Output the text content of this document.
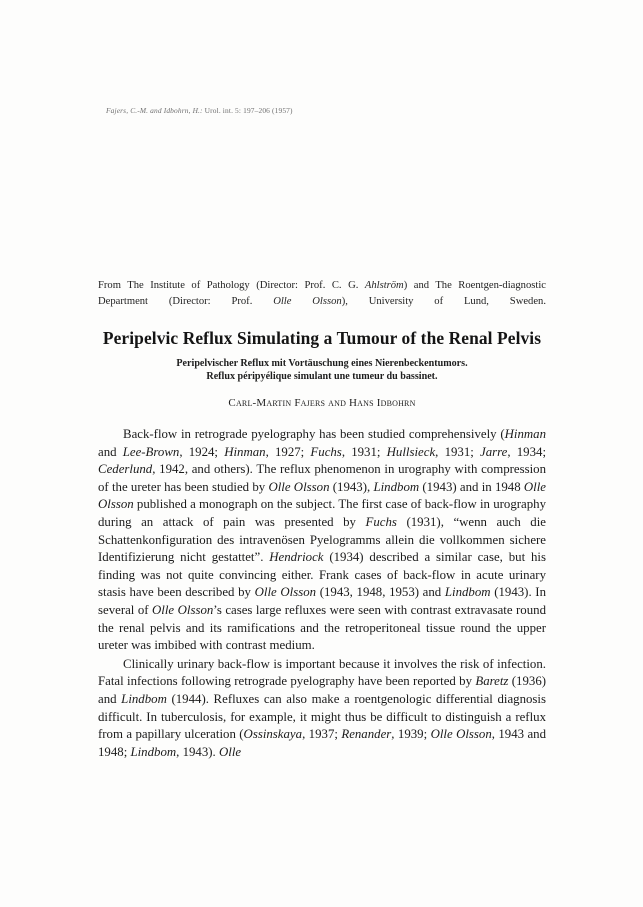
Fajers, C.-M. and Idbohrn, H.: Urol. int. 5: 197–206 (1957)
From The Institute of Pathology (Director: Prof. C. G. Ahlström) and The Roentgen-diagnostic Department (Director: Prof. Olle Olsson), University of Lund, Sweden.
Peripelvic Reflux Simulating a Tumour of the Renal Pelvis
Peripelvischer Reflux mit Vortäuschung eines Nierenbeckentumors.
Reflux péripyélique simulant une tumeur du bassinet.
Carl-Martin Fajers and Hans Idbohrn

Back-flow in retrograde pyelography has been studied comprehensively (Hinman and Lee-Brown, 1924; Hinman, 1927; Fuchs, 1931; Hullsieck, 1931; Jarre, 1934; Cederlund, 1942, and others). The reflux phenomenon in urography with compression of the ureter has been studied by Olle Olsson (1943), Lindbom (1943) and in 1948 Olle Olsson published a monograph on the subject. The first case of back-flow in urography during an attack of pain was presented by Fuchs (1931), “wenn auch die Schattenkonfiguration des intravenösen Pyelogramms allein die vollkommen sichere Identifizierung nicht gestattet”. Hendriock (1934) described a similar case, but his finding was not quite convincing either. Frank cases of back-flow in acute urinary stasis have been described by Olle Olsson (1943, 1948, 1953) and Lindbom (1943). In several of Olle Olsson’s cases large refluxes were seen with contrast extravasate round the renal pelvis and its ramifications and the retroperitoneal tissue round the upper ureter was imbibed with contrast medium.

Clinically urinary back-flow is important because it involves the risk of infection. Fatal infections following retrograde pyelography have been reported by Baretz (1936) and Lindbom (1944). Refluxes can also make a roentgenologic differential diagnosis difficult. In tuberculosis, for example, it might thus be difficult to distinguish a reflux from a papillary ulceration (Ossinskaya, 1937; Renander, 1939; Olle Olsson, 1943 and 1948; Lindbom, 1943). Olle
